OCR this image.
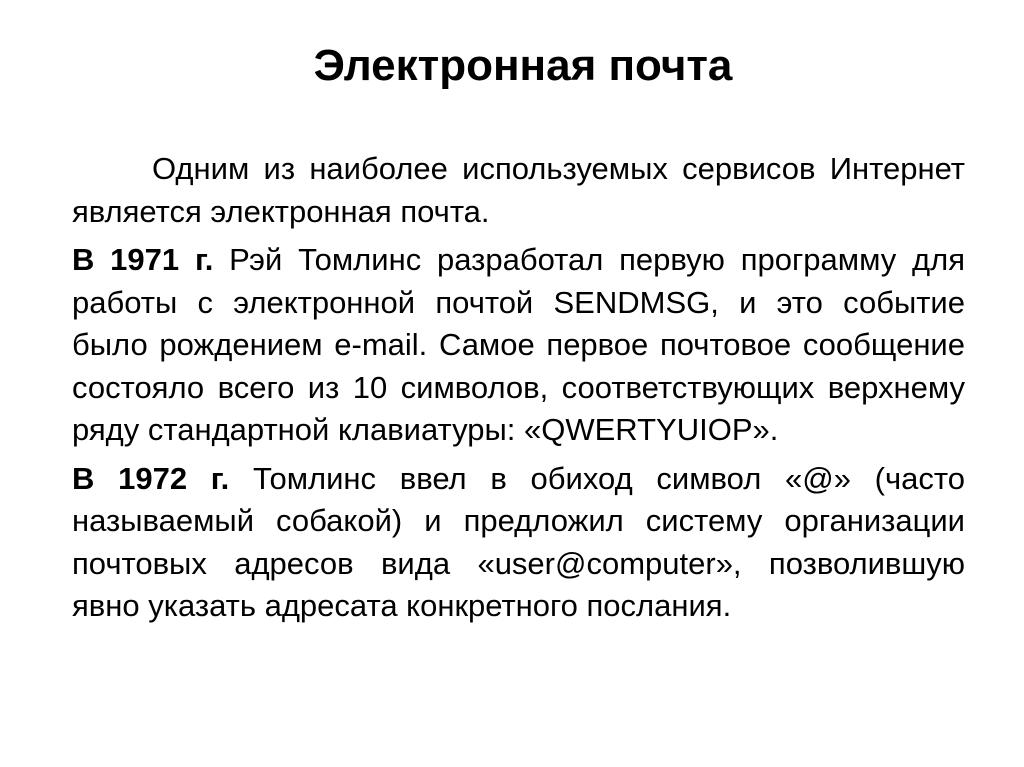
Электронная почта

Одним из наиболее используемых сервисов Интернет является электронная почта.

В 1971 г. Рэй Томлинс разработал первую программу для работы с электронной почтой SENDMSG, и это событие было рождением e-mail. Самое первое почтовое сообщение состояло всего из 10 символов, соответствующих верхнему ряду стандартной клавиатуры: «QWERTYUIOP».

В 1972 г. Томлинс ввел в обиход символ «@» (часто называемый собакой) и предложил систему организации почтовых адресов вида «user@computer», позволившую явно указать адресата конкретного послания.
